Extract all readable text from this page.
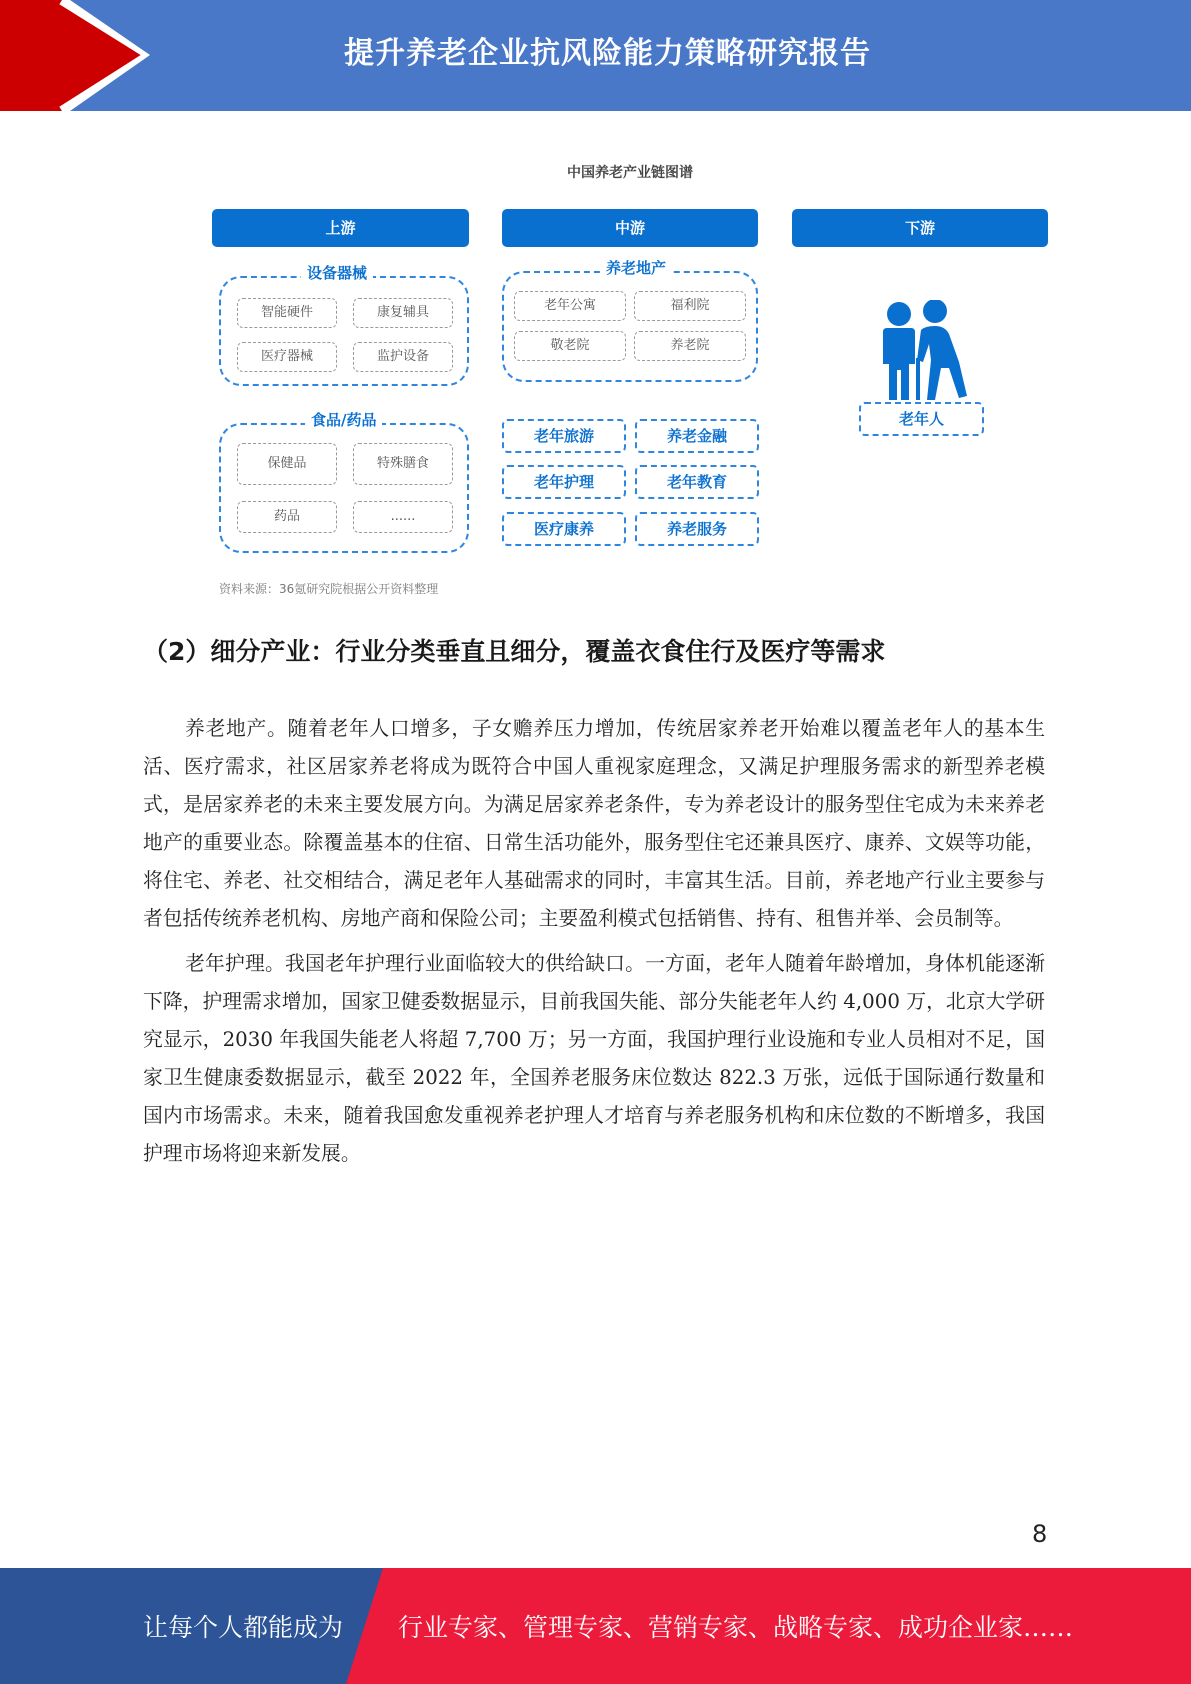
提升养老企业抗风险能力策略研究报告
中国养老产业链图谱
上游	中游	下游
设备器械
智能硬件	康复辅具
医疗器械	监护设备
食品/药品
保健品	特殊膳食
药品	......
养老地产
老年公寓	福利院
敬老院	养老院
老年旅游	养老金融
老年护理	老年教育
医疗康养	养老服务
老年人
资料来源：36氪研究院根据公开资料整理
（2）细分产业：行业分类垂直且细分，覆盖衣食住行及医疗等需求

养老地产。随着老年人口增多，子女赡养压力增加，传统居家养老开始难以覆盖老年人的基本生活、医疗需求，社区居家养老将成为既符合中国人重视家庭理念，又满足护理服务需求的新型养老模式，是居家养老的未来主要发展方向。为满足居家养老条件，专为养老设计的服务型住宅成为未来养老地产的重要业态。除覆盖基本的住宿、日常生活功能外，服务型住宅还兼具医疗、康养、文娱等功能，将住宅、养老、社交相结合，满足老年人基础需求的同时，丰富其生活。目前，养老地产行业主要参与者包括传统养老机构、房地产商和保险公司；主要盈利模式包括销售、持有、租售并举、会员制等。

老年护理。我国老年护理行业面临较大的供给缺口。一方面，老年人随着年龄增加，身体机能逐渐下降，护理需求增加，国家卫健委数据显示，目前我国失能、部分失能老年人约 4,000 万，北京大学研究显示，2030 年我国失能老人将超 7,700 万；另一方面，我国护理行业设施和专业人员相对不足，国家卫生健康委数据显示，截至 2022 年，全国养老服务床位数达 822.3 万张，远低于国际通行数量和国内市场需求。未来，随着我国愈发重视养老护理人才培育与养老服务机构和床位数的不断增多，我国护理市场将迎来新发展。

8
让每个人都能成为 行业专家、管理专家、营销专家、战略专家、成功企业家……
